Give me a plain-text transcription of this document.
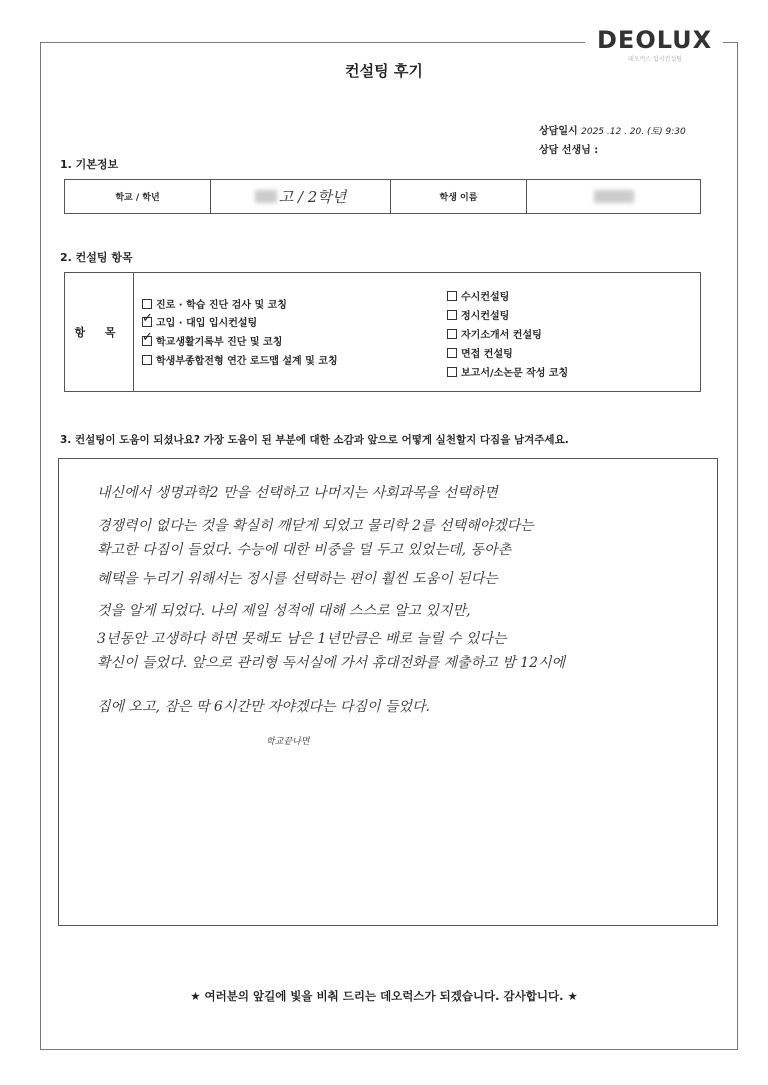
DEOLUX
데오럭스 입시컨설팅
컨설팅 후기
상담일시 2025 .12 . 20. (토) 9:30
상담 선생님 :
1. 기본정보
학교 / 학년	고 / 2학년	학생 이름
2. 컨설팅 항목
항 목
진로 · 학습 진단 검사 및 코칭
✓ 고입 · 대입 입시컨설팅
✓ 학교생활기록부 진단 및 코칭
학생부종합전형 연간 로드맵 설계 및 코칭
수시컨설팅
정시컨설팅
자기소개서 컨설팅
면접 컨설팅
보고서/소논문 작성 코칭
3. 컨설팅이 도움이 되셨나요? 가장 도움이 된 부분에 대한 소감과 앞으로 어떻게 실천할지 다짐을 남겨주세요.
내신에서 생명과학2 만을 선택하고 나머지는 사회과목을 선택하면
경쟁력이 없다는 것을 확실히 깨닫게 되었고 물리학 2를 선택해야겠다는
확고한 다짐이 들었다. 수능에 대한 비중을 덜 두고 있었는데, 동아촌
혜택을 누리기 위해서는 정시를 선택하는 편이 훨씬 도움이 된다는
것을 알게 되었다. 나의 제일 성적에 대해 스스로 알고 있지만,
3년동안 고생하다 하면 못해도 남은 1년만큼은 배로 늘릴 수 있다는
확신이 들었다. 앞으로 관리형 독서실에 가서 휴대전화를 제출하고 밤 12시에
학교끝나면
집에 오고, 잠은 딱 6시간만 자야겠다는 다짐이 들었다.
★ 여러분의 앞길에 빛을 비춰 드리는 데오럭스가 되겠습니다. 감사합니다. ★
